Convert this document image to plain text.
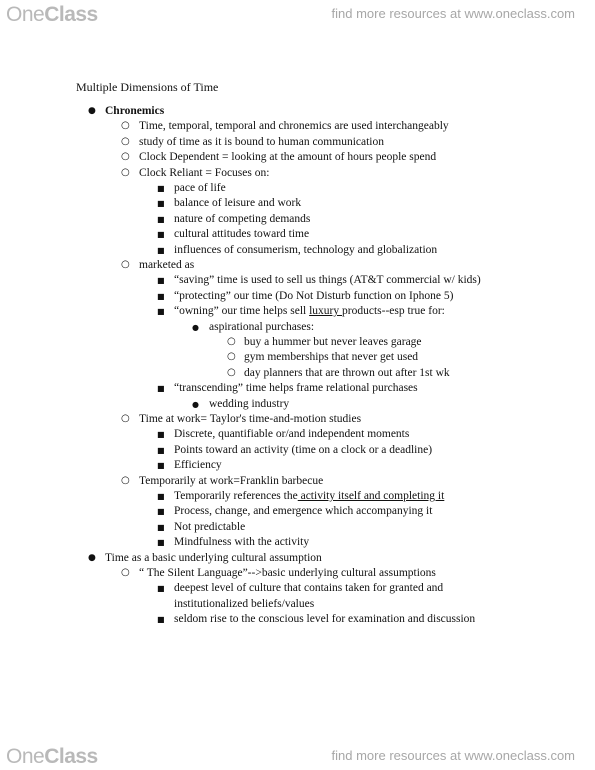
OneClass	find more resources at www.oneclass.com
Multiple Dimensions of Time
● Chronemics
○ Time, temporal, temporal and chronemics are used interchangeably
○ study of time as it is bound to human communication
○ Clock Dependent = looking at the amount of hours people spend
○ Clock Reliant = Focuses on:
■ pace of life
■ balance of leisure and work
■ nature of competing demands
■ cultural attitudes toward time
■ influences of consumerism, technology and globalization
○ marketed as
■ “saving” time is used to sell us things (AT&T commercial w/ kids)
■ “protecting” our time (Do Not Disturb function on Iphone 5)
■ “owning” our time helps sell luxury products--esp true for:
● aspirational purchases:
○ buy a hummer but never leaves garage
○ gym memberships that never get used
○ day planners that are thrown out after 1st wk
■ “transcending” time helps frame relational purchases
● wedding industry
○ Time at work= Taylor's time-and-motion studies
■ Discrete, quantifiable or/and independent moments
■ Points toward an activity (time on a clock or a deadline)
■ Efficiency
○ Temporarily at work=Franklin barbecue
■ Temporarily references the activity itself and completing it
■ Process, change, and emergence which accompanying it
■ Not predictable
■ Mindfulness with the activity
● Time as a basic underlying cultural assumption
○ “ The Silent Language”-->basic underlying cultural assumptions
■ deepest level of culture that contains taken for granted and
institutionalized beliefs/values
■ seldom rise to the conscious level for examination and discussion
OneClass	find more resources at www.oneclass.com
